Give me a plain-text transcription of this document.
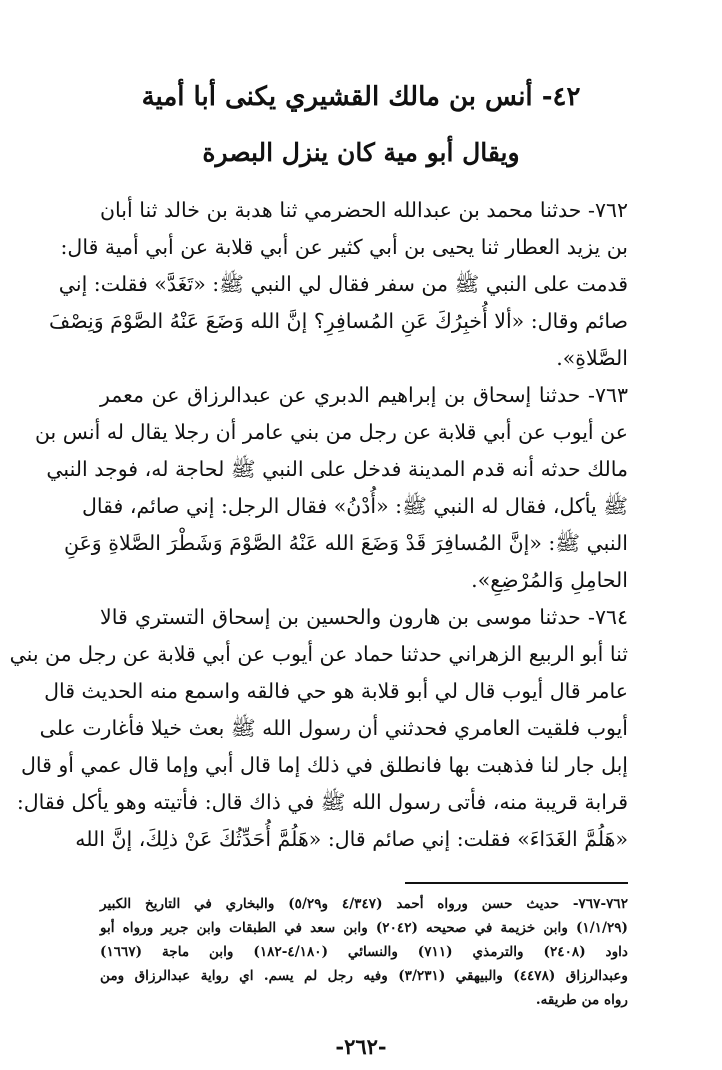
٤٢- أنس بن مالك القشيري يكنى أبا أمية
ويقال أبو مية كان ينزل البصرة
٧٦٢- حدثنا محمد بن عبدالله الحضرمي ثنا هدبة بن خالد ثنا أبان
بن يزيد العطار ثنا يحيى بن أبي كثير عن أبي قلابة عن أبي أمية قال:
قدمت على النبي ﷺ من سفر فقال لي النبي ﷺ: «تَغَدَّ» فقلت: إني
صائم وقال: «ألا أُخبِرُكَ عَنِ المُسافِرِ؟ إنَّ الله وَضَعَ عَنْهُ الصَّوْمَ وَنِصْفَ
الصَّلاةِ».
٧٦٣- حدثنا إسحاق بن إبراهيم الدبري عن عبدالرزاق عن معمر
عن أيوب عن أبي قلابة عن رجل من بني عامر أن رجلا يقال له أنس بن
مالك حدثه أنه قدم المدينة فدخل على النبي ﷺ لحاجة له، فوجد النبي
ﷺ يأكل، فقال له النبي ﷺ: «أُدْنُ» فقال الرجل: إني صائم، فقال
النبي ﷺ: «إنَّ المُسافِرَ قَدْ وَضَعَ الله عَنْهُ الصَّوْمَ وَشَطْرَ الصَّلاةِ وَعَنِ
الحامِلِ وَالمُرْضِعِ».
٧٦٤- حدثنا موسى بن هارون والحسين بن إسحاق التستري قالا
ثنا أبو الربيع الزهراني حدثنا حماد عن أيوب عن أبي قلابة عن رجل من بني
عامر قال أيوب قال لي أبو قلابة هو حي فالقه واسمع منه الحديث قال
أيوب فلقيت العامري فحدثني أن رسول الله ﷺ بعث خيلا فأغارت على
إبل جار لنا فذهبت بها فانطلق في ذلك إما قال أبي وإما قال عمي أو قال
قرابة قريبة منه، فأتى رسول الله ﷺ في ذاك قال: فأتيته وهو يأكل فقال:
٧٦٢-٧٦٧- حديث حسن ورواه أحمد (٤/٣٤٧ و٥/٢٩) والبخاري في التاريخ الكبير
(١/١/٢٩) وابن خزيمة في صحيحه (٢٠٤٢) وابن سعد في الطبقات وابن جرير ورواه أبو
داود (٢٤٠٨) والترمذي (٧١١) والنسائي (٤/١٨٠-١٨٢) وابن ماجة (١٦٦٧)
وعبدالرزاق (٤٤٧٨) والبيهقي (٣/٢٣١) وفيه رجل لم يسم. اي رواية عبدالرزاق ومن
رواه من طريقه.
-٢٦٢-
«هَلُمَّ الغَدَاءَ» فقلت: إني صائم قال: «هَلُمَّ أُحَدِّثُكَ عَنْ ذلِكَ، إنَّ الله
